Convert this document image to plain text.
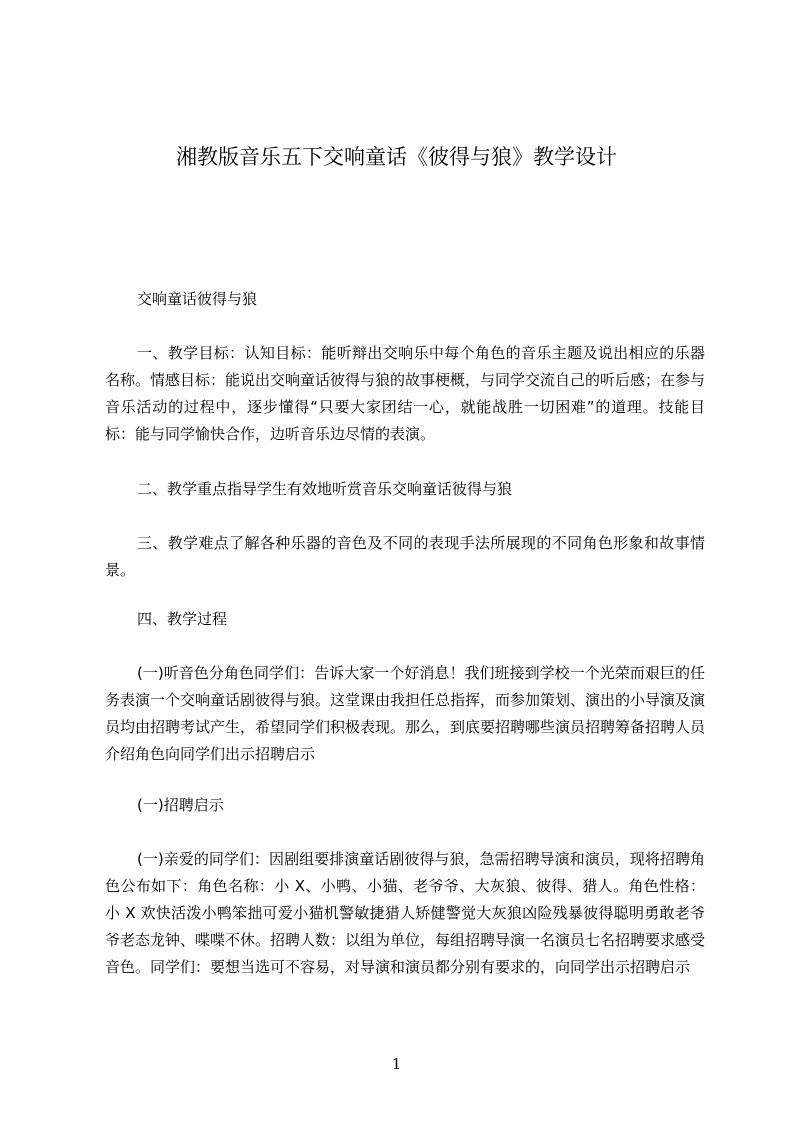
湘教版音乐五下交响童话《彼得与狼》教学设计

交响童话彼得与狼

一、教学目标：认知目标：能听辩出交响乐中每个角色的音乐主题及说出相应的乐器名称。情感目标：能说出交响童话彼得与狼的故事梗概，与同学交流自己的听后感；在参与音乐活动的过程中，逐步懂得“只要大家团结一心，就能战胜一切困难”的道理。技能目标：能与同学愉快合作，边听音乐边尽情的表演。

二、教学重点指导学生有效地听赏音乐交响童话彼得与狼

三、教学难点了解各种乐器的音色及不同的表现手法所展现的不同角色形象和故事情景。

四、教学过程

(一)听音色分角色同学们：告诉大家一个好消息！我们班接到学校一个光荣而艰巨的任务表演一个交响童话剧彼得与狼。这堂课由我担任总指挥，而参加策划、演出的小导演及演员均由招聘考试产生，希望同学们积极表现。那么，到底要招聘哪些演员招聘筹备招聘人员介绍角色向同学们出示招聘启示

(一)招聘启示

(一)亲爱的同学们：因剧组要排演童话剧彼得与狼，急需招聘导演和演员，现将招聘角色公布如下：角色名称：小 X、小鸭、小猫、老爷爷、大灰狼、彼得、猎人。角色性格：小 X 欢快活泼小鸭笨拙可爱小猫机警敏捷猎人矫健警觉大灰狼凶险残暴彼得聪明勇敢老爷爷老态龙钟、喋喋不休。招聘人数：以组为单位，每组招聘导演一名演员七名招聘要求感受音色。同学们：要想当选可不容易，对导演和演员都分别有要求的，向同学出示招聘启示

1
